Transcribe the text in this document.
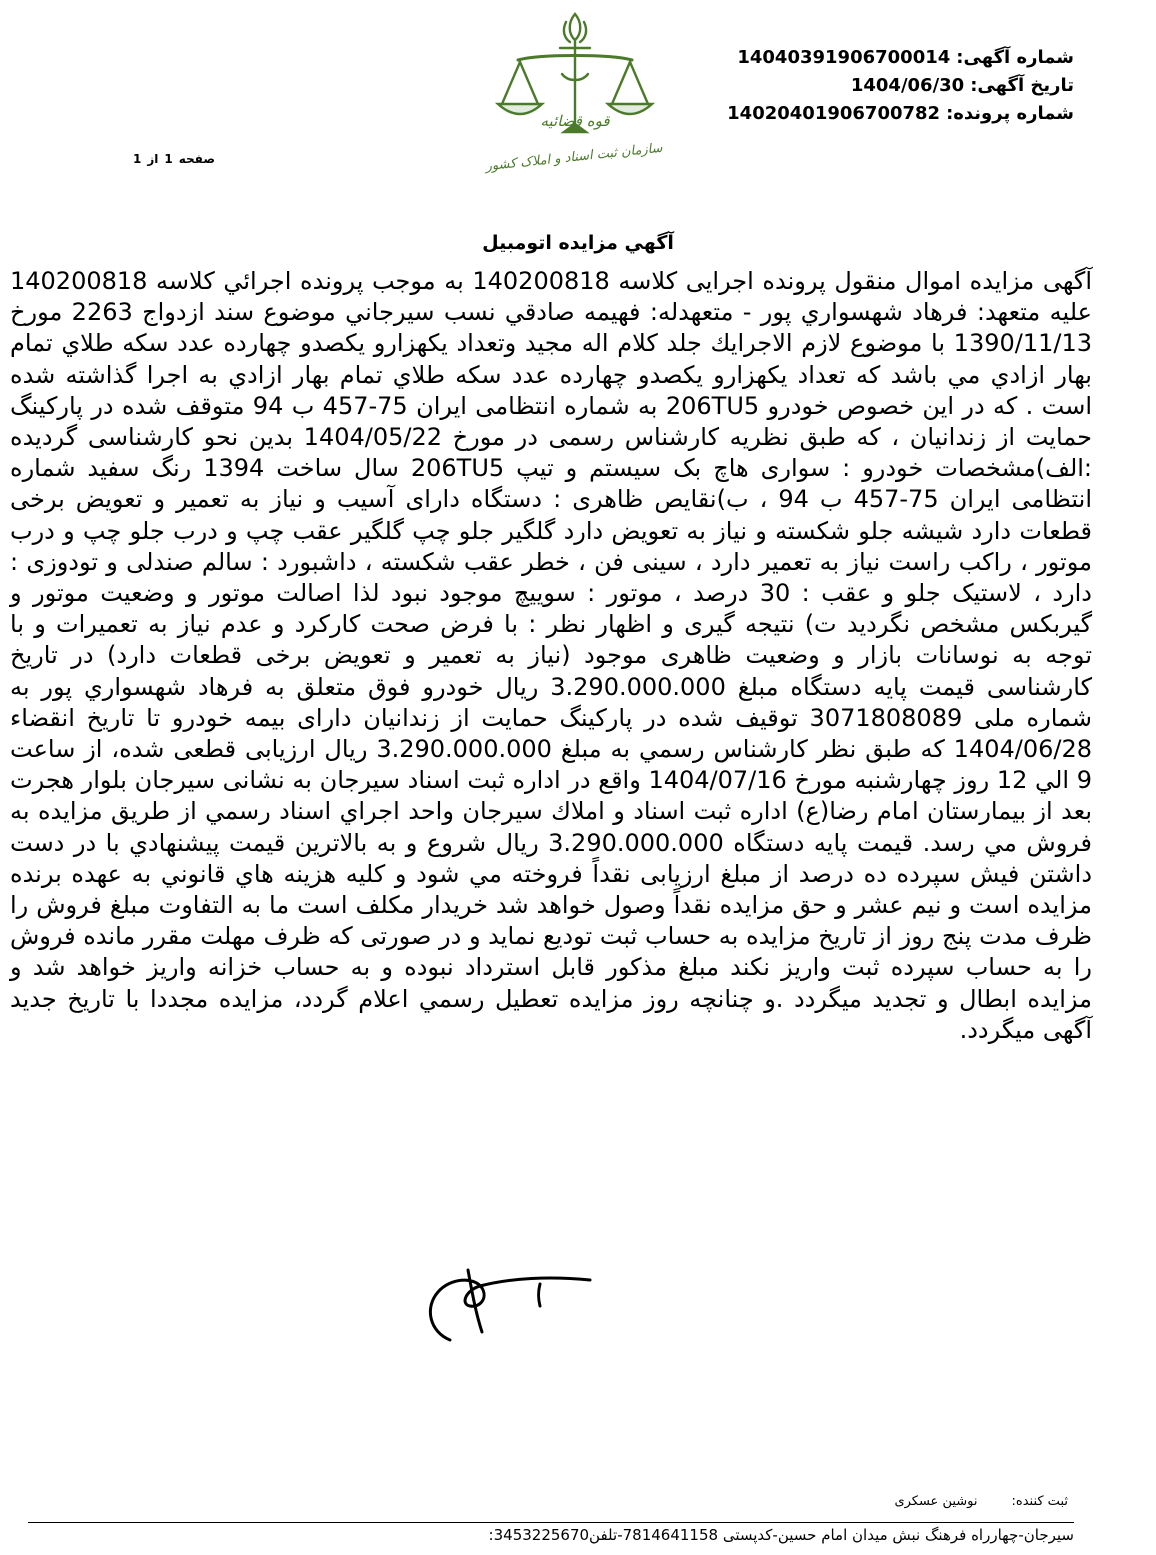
قوه قضائیه
سازمان ثبت اسناد و املاک کشور
شماره آگهی:14040391906700014
تاریخ آگهی:1404/06/30
شماره پرونده:14020401906700782
صفحه1از1
آگهي مزايده اتومبيل

آگهی مزایده اموال منقول پرونده اجرایی کلاسه 140200818 به موجب پرونده اجرائي كلاسه 140200818 عليه متعهد: فرهاد شهسواري پور - متعهدله: فهيمه صادقي نسب سيرجاني موضوع سند ازدواج 2263 مورخ 1390/11/13 با موضوع لازم الاجرايك جلد كلام اله مجيد وتعداد يكهزارو يكصدو چهارده عدد سكه طلاي تمام بهار ازادي مي باشد كه تعداد يكهزارو يكصدو چهارده عدد سكه طلاي تمام بهار ازادي به اجرا گذاشته شده است . که در این خصوص خودرو 206TU5 به شماره انتظامی ایران 75-457 ب 94 متوقف شده در پارکینگ حمایت از زندانیان ، که طبق نظریه کارشناس رسمی در مورخ 1404/05/22 بدین نحو کارشناسی گردیده :الف)مشخصات خودرو : سواری هاچ بک سیستم و تیپ 206TU5 سال ساخت 1394 رنگ سفید شماره انتظامی ایران 75-457 ب 94 ، ب)نقایص ظاهری : دستگاه دارای آسیب و نیاز به تعمیر و تعویض برخی قطعات دارد شیشه جلو شکسته و نیاز به تعویض دارد گلگیر جلو چپ گلگیر عقب چپ و درب جلو چپ و درب موتور ، راکب راست نیاز به تعمیر دارد ، سینی فن ، خطر عقب شکسته ، داشبورد : سالم صندلی و تودوزی : دارد ، لاستیک جلو و عقب : 30 درصد ، موتور : سوییچ موجود نبود لذا اصالت موتور و وضعیت موتور و گیربکس مشخص نگردید ت) نتیجه گیری و اظهار نظر : با فرض صحت کارکرد و عدم نیاز به تعمیرات و با توجه به نوسانات بازار و وضعیت ظاهری موجود (نیاز به تعمیر و تعویض برخی قطعات دارد) در تاریخ کارشناسی قیمت پایه دستگاه مبلغ 3.290.000.000 ریال خودرو فوق متعلق به فرهاد شهسواري پور به شماره ملی 3071808089 توقیف شده در پارکینگ حمایت از زندانیان دارای بیمه خودرو تا تاریخ انقضاء 1404/06/28 كه طبق نظر كارشناس رسمي به مبلغ 3.290.000.000 ريال ارزيابی قطعی شده، از ساعت 9 الي 12 روز چهارشنبه مورخ 1404/07/16 واقع در اداره ثبت اسناد سیرجان به نشانی سیرجان بلوار هجرت بعد از بیمارستان امام رضا(ع) اداره ثبت اسناد و املاك سيرجان واحد اجراي اسناد رسمي از طريق مزايده به فروش مي رسد. قیمت پایه دستگاه 3.290.000.000 ریال شروع و به بالاترين قيمت پيشنهادي با در دست داشتن فيش سپرده ده درصد از مبلغ ارزيابی نقداً فروخته مي شود و كليه هزينه هاي قانوني به عهده برنده مزايده است و نيم عشر و حق مزايده نقداً وصول خواهد شد خريدار مكلف است ما به التفاوت مبلغ فروش را ظرف مدت پنج روز از تاريخ مزايده به حساب ثبت توديع نمايد و در صورتی كه ظرف مهلت مقرر مانده فروش را به حساب سپرده ثبت واريز نكند مبلغ مذكور قابل استرداد نبوده و به حساب خزانه واريز خواهد شد و مزايده ابطال و تجديد ميگردد .و چنانچه روز مزايده تعطيل رسمي اعلام گردد، مزايده مجددا با تاريخ جديد آگهی ميگردد.

ثبت کننده:نوشین عسکری
سیرجان-چهارراه فرهنگ نبش میدان امام حسین-کدپستی 7814641158-تلفن3453225670:
